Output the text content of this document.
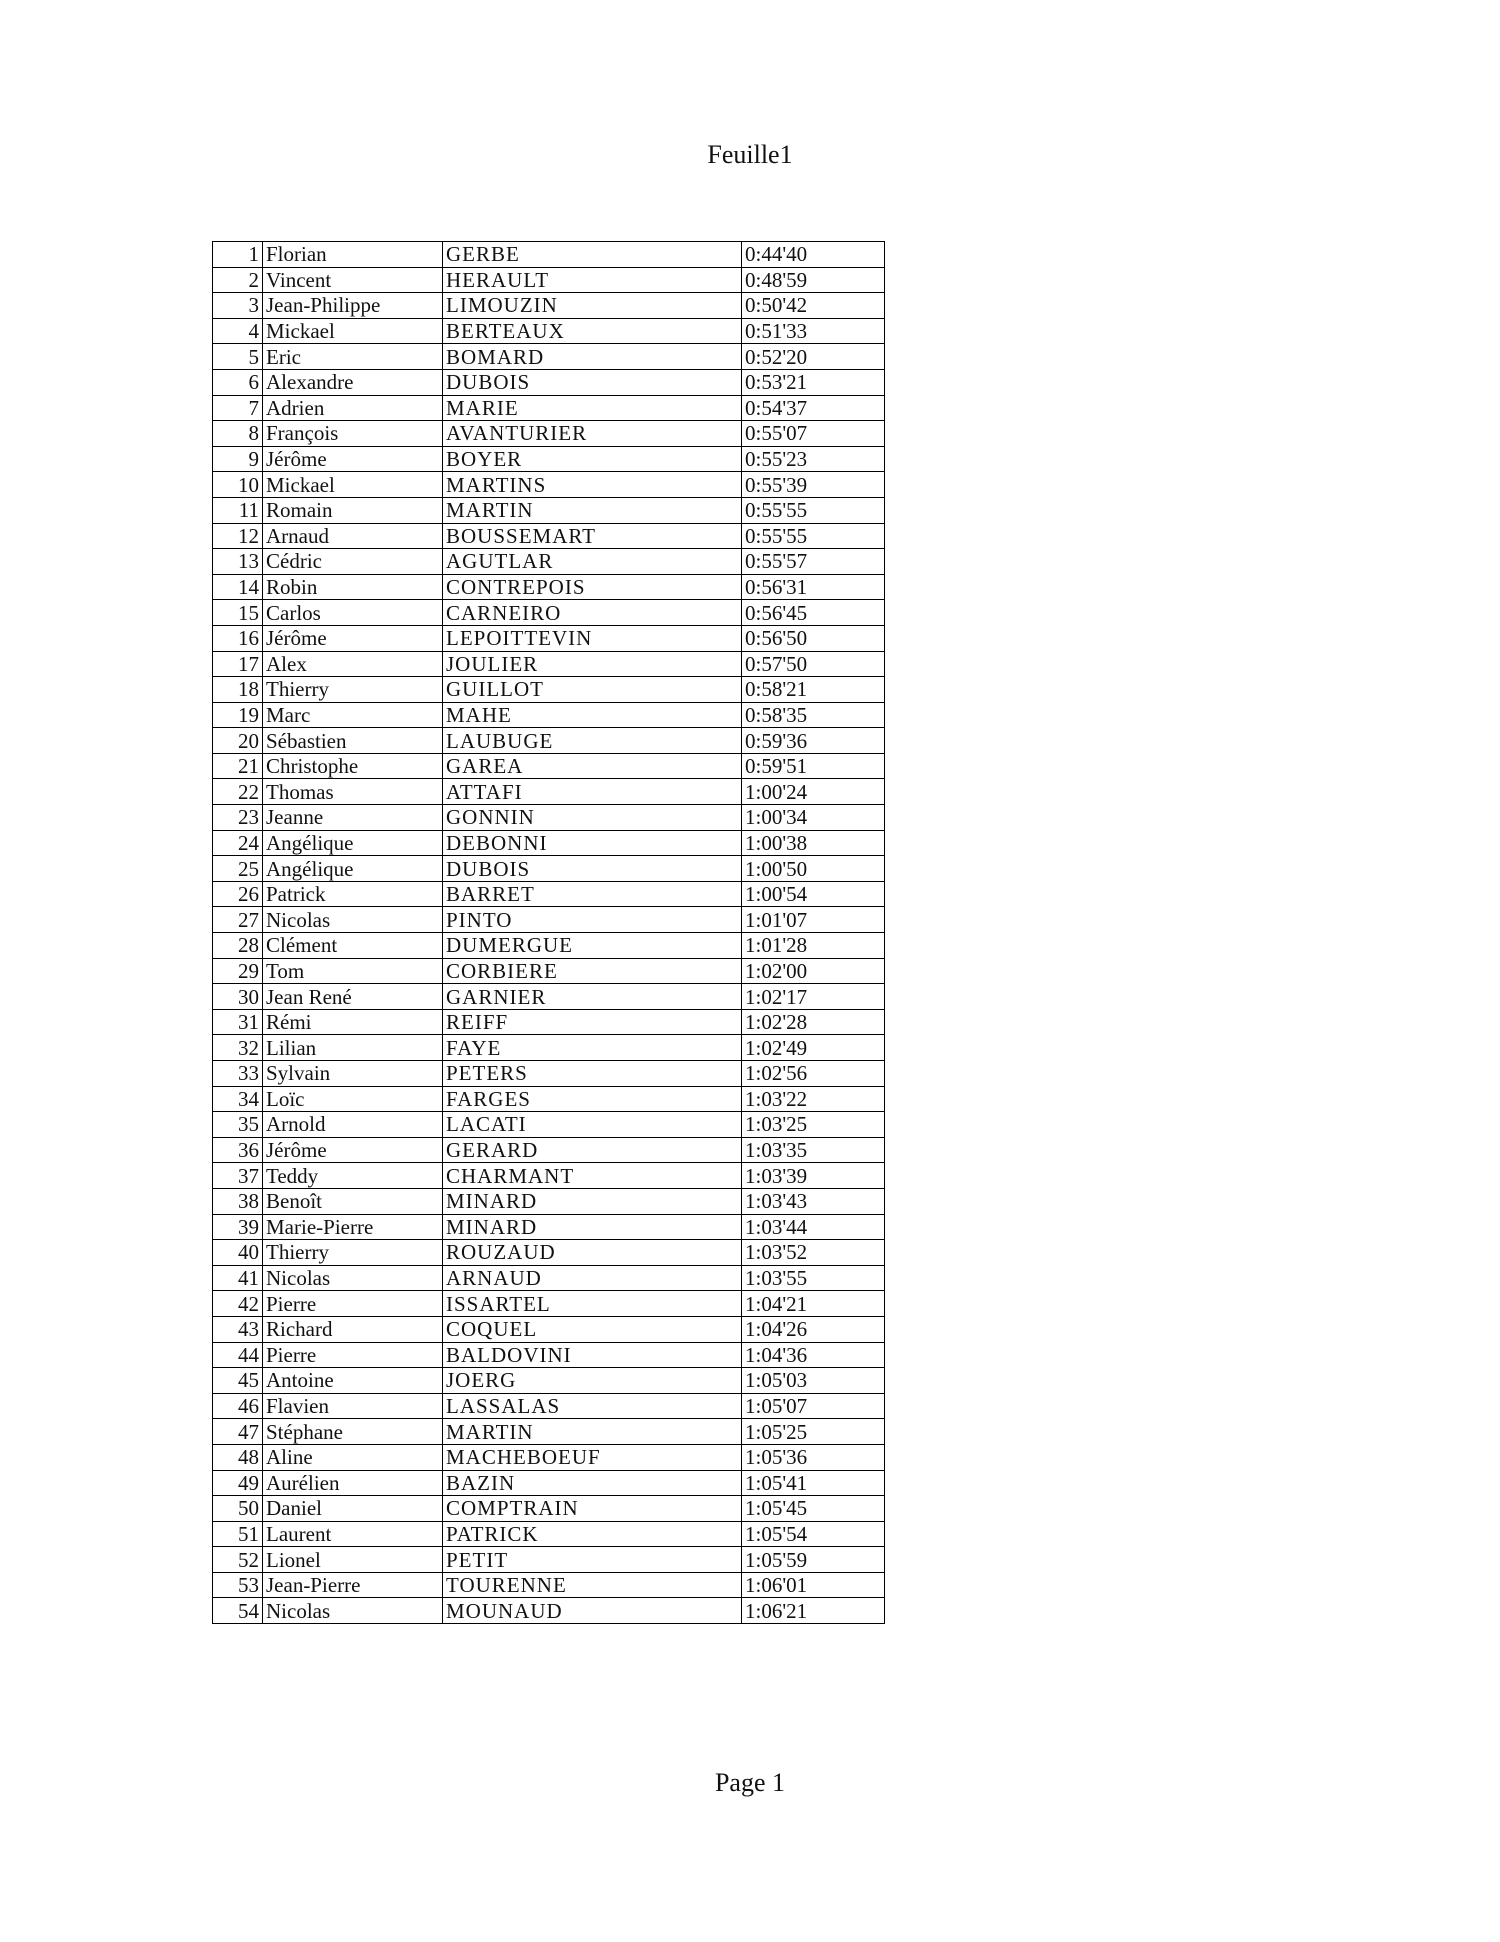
Feuille1
1	Florian	GERBE	0:44'40
2	Vincent	HERAULT	0:48'59
3	Jean-Philippe	LIMOUZIN	0:50'42
4	Mickael	BERTEAUX	0:51'33
5	Eric	BOMARD	0:52'20
6	Alexandre	DUBOIS	0:53'21
7	Adrien	MARIE	0:54'37
8	François	AVANTURIER	0:55'07
9	Jérôme	BOYER	0:55'23
10	Mickael	MARTINS	0:55'39
11	Romain	MARTIN	0:55'55
12	Arnaud	BOUSSEMART	0:55'55
13	Cédric	AGUTLAR	0:55'57
14	Robin	CONTREPOIS	0:56'31
15	Carlos	CARNEIRO	0:56'45
16	Jérôme	LEPOITTEVIN	0:56'50
17	Alex	JOULIER	0:57'50
18	Thierry	GUILLOT	0:58'21
19	Marc	MAHE	0:58'35
20	Sébastien	LAUBUGE	0:59'36
21	Christophe	GAREA	0:59'51
22	Thomas	ATTAFI	1:00'24
23	Jeanne	GONNIN	1:00'34
24	Angélique	DEBONNI	1:00'38
25	Angélique	DUBOIS	1:00'50
26	Patrick	BARRET	1:00'54
27	Nicolas	PINTO	1:01'07
28	Clément	DUMERGUE	1:01'28
29	Tom	CORBIERE	1:02'00
30	Jean René	GARNIER	1:02'17
31	Rémi	REIFF	1:02'28
32	Lilian	FAYE	1:02'49
33	Sylvain	PETERS	1:02'56
34	Loïc	FARGES	1:03'22
35	Arnold	LACATI	1:03'25
36	Jérôme	GERARD	1:03'35
37	Teddy	CHARMANT	1:03'39
38	Benoît	MINARD	1:03'43
39	Marie-Pierre	MINARD	1:03'44
40	Thierry	ROUZAUD	1:03'52
41	Nicolas	ARNAUD	1:03'55
42	Pierre	ISSARTEL	1:04'21
43	Richard	COQUEL	1:04'26
44	Pierre	BALDOVINI	1:04'36
45	Antoine	JOERG	1:05'03
46	Flavien	LASSALAS	1:05'07
47	Stéphane	MARTIN	1:05'25
48	Aline	MACHEBOEUF	1:05'36
49	Aurélien	BAZIN	1:05'41
50	Daniel	COMPTRAIN	1:05'45
51	Laurent	PATRICK	1:05'54
52	Lionel	PETIT	1:05'59
53	Jean-Pierre	TOURENNE	1:06'01
54	Nicolas	MOUNAUD	1:06'21
Page 1
